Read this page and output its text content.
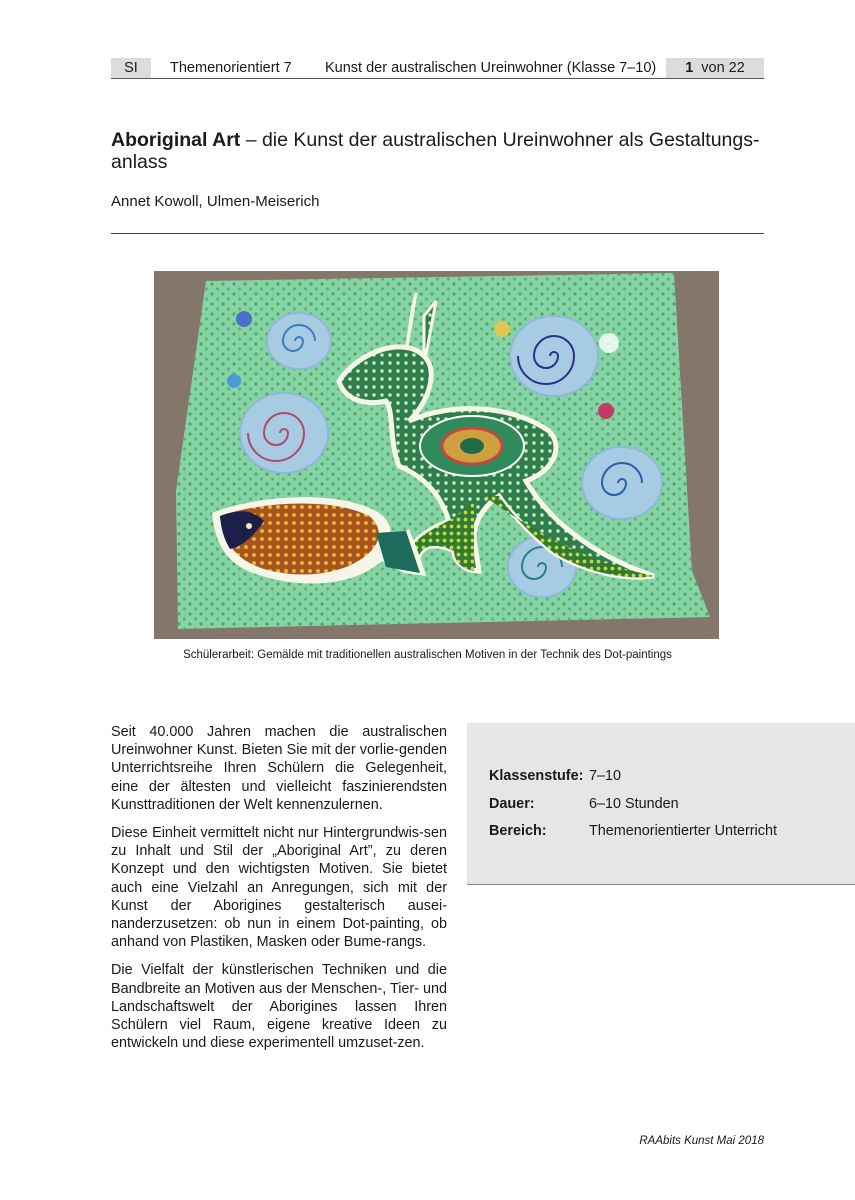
SI	Themenorientiert 7 Kunst der australischen Ureinwohner (Klasse 7–10)	1 von 22
Aboriginal Art – die Kunst der australischen Ureinwohner als Gestaltungs-anlass
Annet Kowoll, Ulmen-Meiserich
Schülerarbeit: Gemälde mit traditionellen australischen Motiven in der Technik des Dot-paintings

Seit 40.000 Jahren machen die australischen Ureinwohner Kunst. Bieten Sie mit der vorlie-genden Unterrichtsreihe Ihren Schülern die Gelegenheit, eine der ältesten und vielleicht faszinierendsten Kunsttraditionen der Welt kennenzulernen.

Diese Einheit vermittelt nicht nur Hintergrundwis-sen zu Inhalt und Stil der „Aboriginal Art”, zu deren Konzept und den wichtigsten Motiven. Sie bietet auch eine Vielzahl an Anregungen, sich mit der Kunst der Aborigines gestalterisch ausei-nanderzusetzen: ob nun in einem Dot-painting, ob anhand von Plastiken, Masken oder Bume-rangs.

Die Vielfalt der künstlerischen Techniken und die Bandbreite an Motiven aus der Menschen-, Tier- und Landschaftswelt der Aborigines lassen Ihren Schülern viel Raum, eigene kreative Ideen zu entwickeln und diese experimentell umzuset-zen.

Klassenstufe: 7–10
Dauer:	6–10 Stunden
Bereich:	Themenorientierter Unterricht
RAAbits Kunst Mai 2018
